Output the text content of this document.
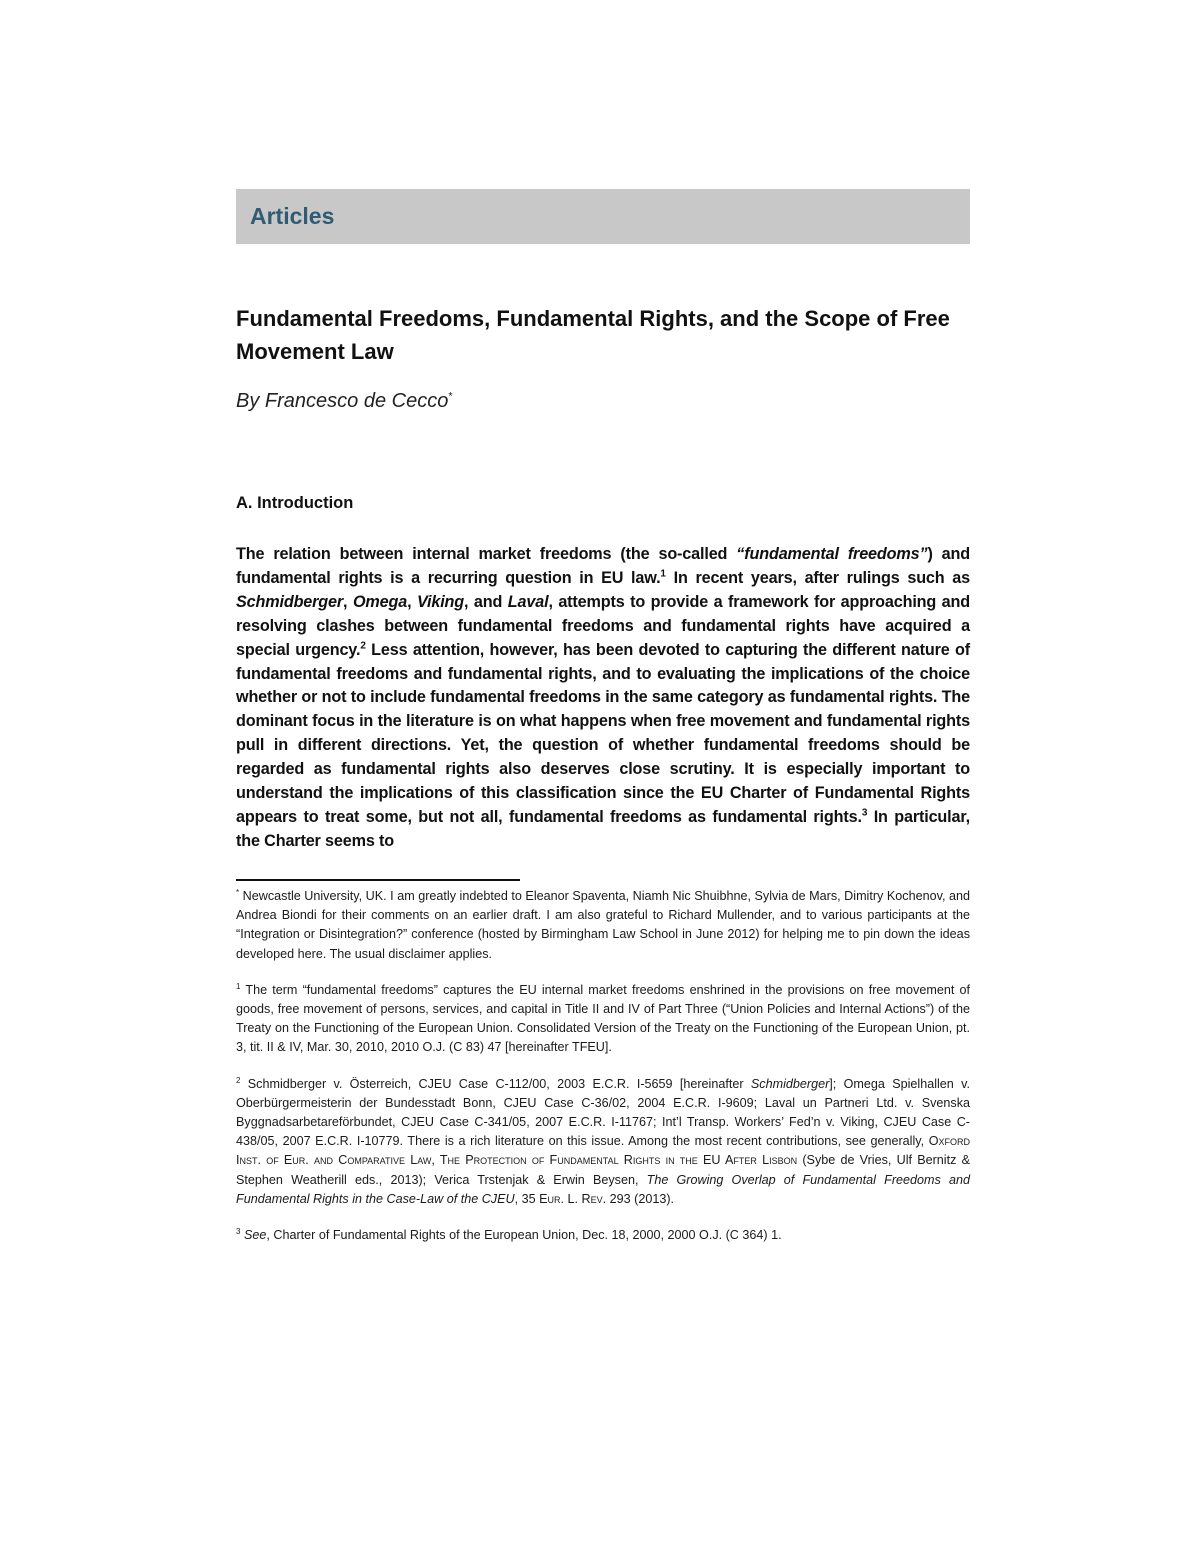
Articles
Fundamental Freedoms, Fundamental Rights, and the Scope of Free Movement Law
By Francesco de Cecco*
A. Introduction

The relation between internal market freedoms (the so-called “fundamental freedoms”) and fundamental rights is a recurring question in EU law.$^1$ In recent years, after rulings such as Schmidberger, Omega, Viking, and Laval, attempts to provide a framework for approaching and resolving clashes between fundamental freedoms and fundamental rights have acquired a special urgency.$^2$ Less attention, however, has been devoted to capturing the different nature of fundamental freedoms and fundamental rights, and to evaluating the implications of the choice whether or not to include fundamental freedoms in the same category as fundamental rights. The dominant focus in the literature is on what happens when free movement and fundamental rights pull in different directions. Yet, the question of whether fundamental freedoms should be regarded as fundamental rights also deserves close scrutiny. It is especially important to understand the implications of this classification since the EU Charter of Fundamental Rights appears to treat some, but not all, fundamental freedoms as fundamental rights.$^3$ In particular, the Charter seems to

* Newcastle University, UK. I am greatly indebted to Eleanor Spaventa, Niamh Nic Shuibhne, Sylvia de Mars, Dimitry Kochenov, and Andrea Biondi for their comments on an earlier draft. I am also grateful to Richard Mullender, and to various participants at the “Integration or Disintegration?” conference (hosted by Birmingham Law School in June 2012) for helping me to pin down the ideas developed here. The usual disclaimer applies.

$^1$ The term “fundamental freedoms” captures the EU internal market freedoms enshrined in the provisions on free movement of goods, free movement of persons, services, and capital in Title II and IV of Part Three (“Union Policies and Internal Actions”) of the Treaty on the Functioning of the European Union. Consolidated Version of the Treaty on the Functioning of the European Union, pt. 3, tit. II & IV, Mar. 30, 2010, 2010 O.J. (C 83) 47 [hereinafter TFEU].

$^2$ Schmidberger v. Österreich, CJEU Case C-112/00, 2003 E.C.R. I-5659 [hereinafter Schmidberger]; Omega Spielhallen v. Oberbürgermeisterin der Bundesstadt Bonn, CJEU Case C-36/02, 2004 E.C.R. I-9609; Laval un Partneri Ltd. v. Svenska Byggnadsarbetareförbundet, CJEU Case C-341/05, 2007 E.C.R. I-11767; Int’l Transp. Workers’ Fed’n v. Viking, CJEU Case C-438/05, 2007 E.C.R. I-10779. There is a rich literature on this issue. Among the most recent contributions, see generally, Oxford Inst. of Eur. and Comparative Law, The Protection of Fundamental Rights in the EU After Lisbon (Sybe de Vries, Ulf Bernitz & Stephen Weatherill eds., 2013); Verica Trstenjak & Erwin Beysen, The Growing Overlap of Fundamental Freedoms and Fundamental Rights in the Case-Law of the CJEU, 35 Eur. L. Rev. 293 (2013).

$^3$ See, Charter of Fundamental Rights of the European Union, Dec. 18, 2000, 2000 O.J. (C 364) 1.
